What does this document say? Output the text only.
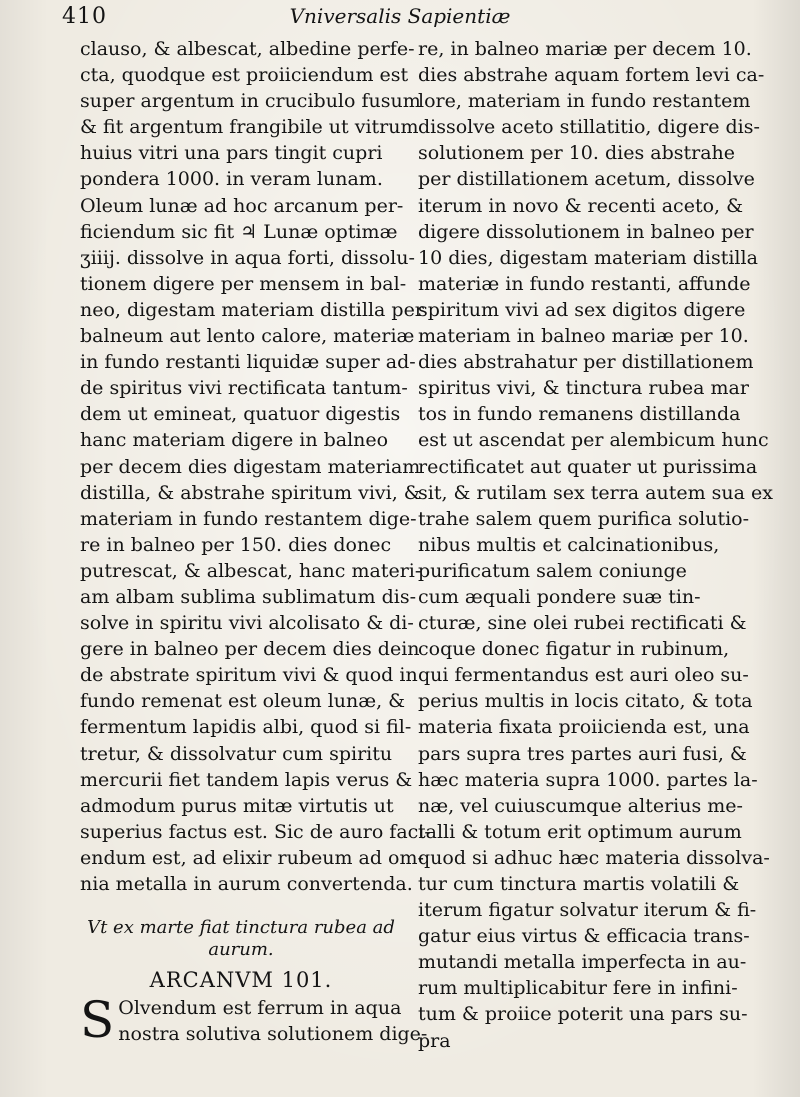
410	Vniversalis Sapientiæ
clauso, & albescat, albedine perfe-
cta, quodque est proiiciendum est
super argentum in crucibulo fusum
& fit argentum frangibile ut vitrum
huius vitri una pars tingit cupri
pondera 1000. in veram lunam.
Oleum lunæ ad hoc arcanum per-
ficiendum sic fit ♃ Lunæ optimæ
ʒiiij. dissolve in aqua forti, dissolu-
tionem digere per mensem in bal-
neo, digestam materiam distilla per
balneum aut lento calore, materiæ
in fundo restanti liquidæ super ad-
de spiritus vivi rectificata tantum-
dem ut emineat, quatuor digestis
hanc materiam digere in balneo
per decem dies digestam materiam
distilla, & abstrahe spiritum vivi, &
materiam in fundo restantem dige-
re in balneo per 150. dies donec
putrescat, & albescat, hanc materi-
am albam sublima sublimatum dis-
solve in spiritu vivi alcolisato & di-
gere in balneo per decem dies dein
de abstrate spiritum vivi & quod in
fundo remenat est oleum lunæ, &
fermentum lapidis albi, quod si fil-
tretur, & dissolvatur cum spiritu
mercurii fiet tandem lapis verus &
admodum purus mitæ virtutis ut
superius factus est. Sic de auro faci-
endum est, ad elixir rubeum ad om-
nia metalla in aurum convertenda.
Vt ex marte fiat tinctura rubea ad
aurum.
ARCANVM 101.
S Olvendum est ferrum in aqua
nostra solutiva solutionem dige-
re, in balneo mariæ per decem 10.
dies abstrahe aquam fortem levi ca-
lore, materiam in fundo restantem
dissolve aceto stillatitio, digere dis-
solutionem per 10. dies abstrahe
per distillationem acetum, dissolve
iterum in novo & recenti aceto, &
digere dissolutionem in balneo per
10 dies, digestam materiam distilla
materiæ in fundo restanti, affunde
spiritum vivi ad sex digitos digere
materiam in balneo mariæ per 10.
dies abstrahatur per distillationem
spiritus vivi, & tinctura rubea mar
tos in fundo remanens distillanda
est ut ascendat per alembicum hunc
rectificatet aut quater ut purissima
sit, & rutilam sex terra autem sua ex
trahe salem quem purifica solutio-
nibus multis et calcinationibus,
purificatum salem coniunge
cum æquali pondere suæ tin-
cturæ, sine olei rubei rectificati &
coque donec figatur in rubinum,
qui fermentandus est auri oleo su-
perius multis in locis citato, & tota
materia fixata proiicienda est, una
pars supra tres partes auri fusi, &
hæc materia supra 1000. partes la-
næ, vel cuiuscumque alterius me-
talli & totum erit optimum aurum
quod si adhuc hæc materia dissolva-
tur cum tinctura martis volatili &
iterum figatur solvatur iterum & fi-
gatur eius virtus & efficacia trans-
mutandi metalla imperfecta in au-
rum multiplicabitur fere in infini-
tum & proiice poterit una pars su-
pra
